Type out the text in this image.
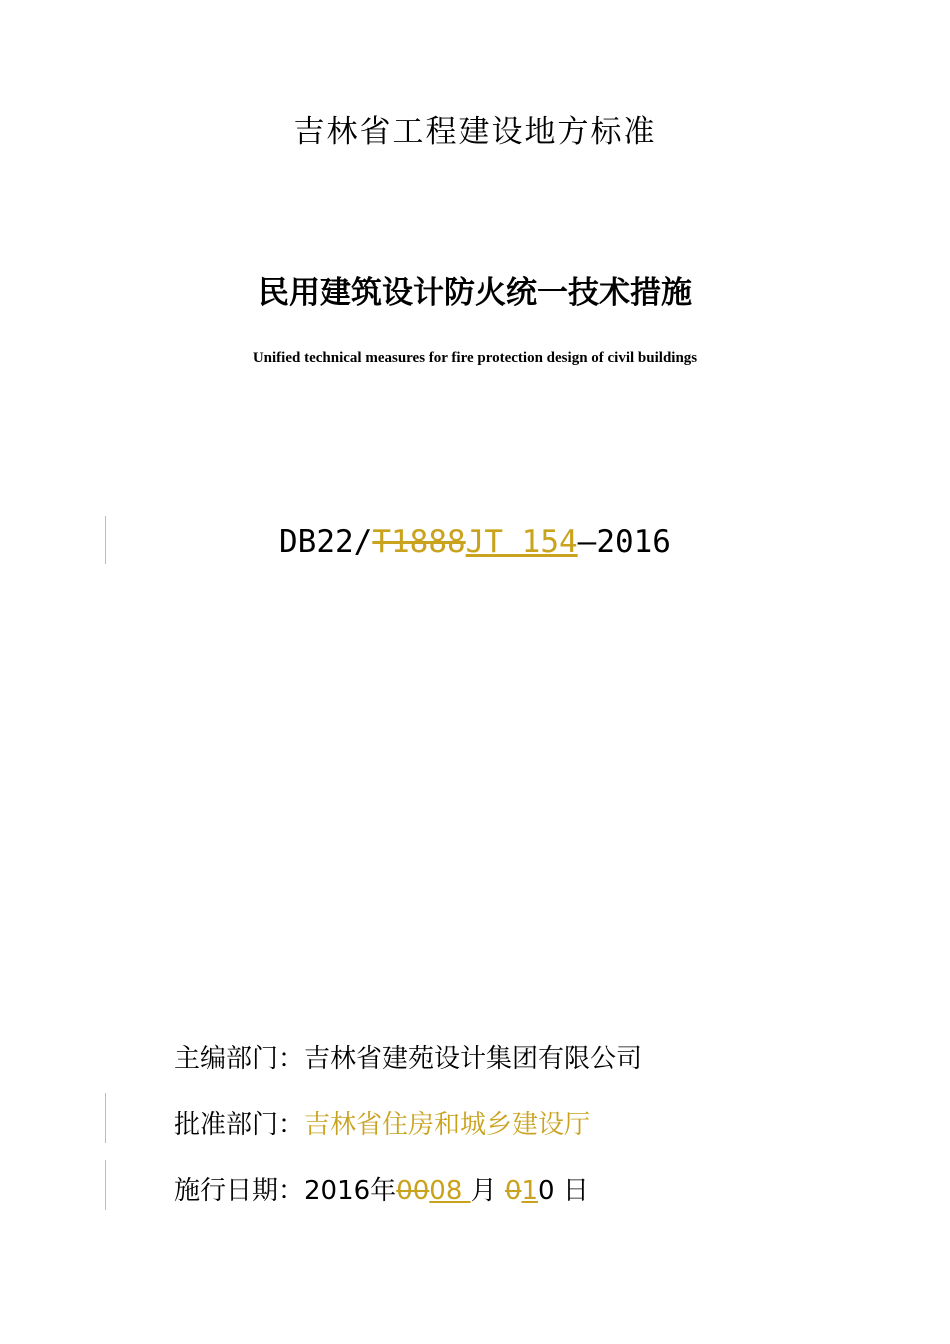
吉林省工程建设地方标准
民用建筑设计防火统一技术措施
Unified technical measures for fire protection design of civil buildings
DB22/T1888JT 154—2016
主编部门：吉林省建苑设计集团有限公司
批准部门：吉林省住房和城乡建设厅
施行日期：2016年0008 月 010 日
